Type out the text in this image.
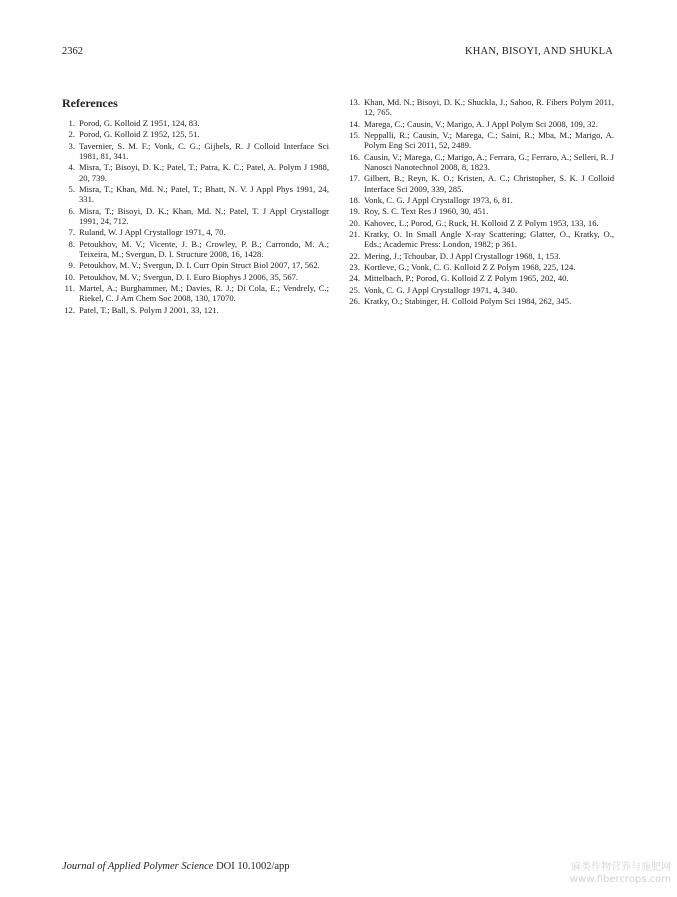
2362	KHAN, BISOYI, AND SHUKLA
References
1. Porod, G. Kolloid Z 1951, 124, 83.
2. Porod, G. Kolloid Z 1952, 125, 51.
3. Tavernier, S. M. F.; Vonk, C. G.; Gijbels, R. J Colloid Interface Sci 1981, 81, 341.
4. Misra, T.; Bisoyi, D. K.; Patel, T.; Patra, K. C.; Patel, A. Polym J 1988, 20, 739.
5. Misra, T.; Khan, Md. N.; Patel, T.; Bhatt, N. V. J Appl Phys 1991, 24, 331.
6. Misra, T.; Bisoyi, D. K.; Khan, Md. N.; Patel, T. J Appl Crystallogr 1991, 24, 712.
7. Ruland, W. J Appl Crystallogr 1971, 4, 70.
8. Petoukhov, M. V.; Vicente, J. B.; Crowley, P. B.; Carrondo, M. A.; Teixeira, M.; Svergun, D. I. Structure 2008, 16, 1428.
9. Petoukhov, M. V.; Svergun, D. I. Curr Opin Struct Biol 2007, 17, 562.
10. Petoukhov, M. V.; Svergun, D. I. Euro Biophys J 2006, 35, 567.
11. Martel, A.; Burghammer, M.; Davies, R. J.; Di Cola, E.; Vendrely, C.; Riekel, C. J Am Chem Soc 2008, 130, 17070.
12. Patel, T.; Ball, S. Polym J 2001, 33, 121.
13. Khan, Md. N.; Bisoyi, D. K.; Shuckla, J.; Sahoo, R. Fibers Polym 2011, 12, 765.
14. Marega, C.; Causin, V.; Marigo, A. J Appl Polym Sci 2008, 109, 32.
15. Neppalli, R.; Causin, V.; Marega, C.; Saini, R.; Mba, M.; Marigo, A. Polym Eng Sci 2011, 52, 2489.
16. Causin, V.; Marega, C.; Marigo, A.; Ferrara, G.; Ferraro, A.; Selleri, R. J Nanosci Nanotechnol 2008, 8, 1823.
17. Gilbert, B.; Reyn, K. O.; Kristen, A. C.; Christopher, S. K. J Colloid Interface Sci 2009, 339, 285.
18. Vonk, C. G. J Appl Crystallogr 1973, 6, 81.
19. Roy, S. C. Text Res J 1960, 30, 451.
20. Kahovec, L.; Porod, G.; Ruck, H. Kolloid Z Z Polym 1953, 133, 16.
21. Kratky, O. In Small Angle X-ray Scattering; Glatter, O., Kratky, O., Eds.; Academic Press: London, 1982; p 361.
22. Mering, J.; Tchoubar, D. J Appl Crystallogr 1968, 1, 153.
23. Kortleve, G.; Vonk, C. G. Kolloid Z Z Polym 1968, 225, 124.
24. Mittelbach, P.; Porod, G. Kolloid Z Z Polym 1965, 202, 40.
25. Vonk, C. G. J Appl Crystallogr 1971, 4, 340.
26. Kratky, O.; Stabinger, H. Colloid Polym Sci 1984, 262, 345.
Journal of Applied Polymer Science DOI 10.1002/app	麻类作物营养与施肥网
www.fibercrops.com
